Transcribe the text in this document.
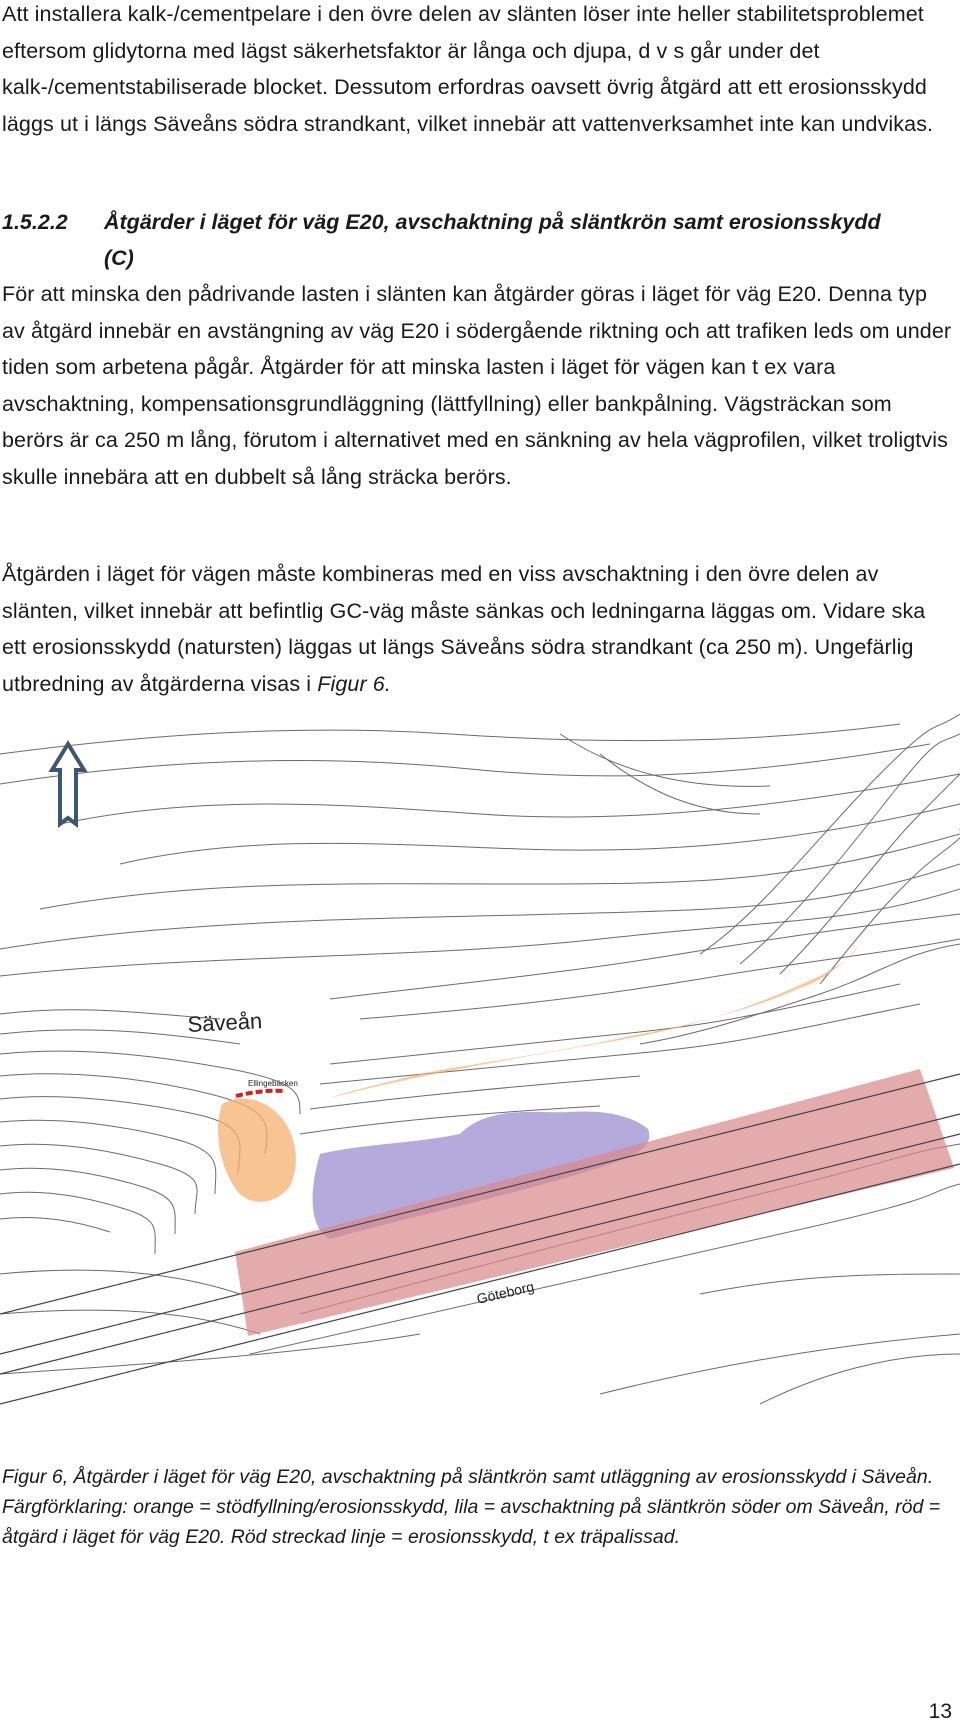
Att installera kalk-/cementpelare i den övre delen av slänten löser inte heller stabilitetsproblemet eftersom glidytorna med lägst säkerhetsfaktor är långa och djupa, d v s går under det kalk-/cementstabiliserade blocket. Dessutom erfordras oavsett övrig åtgärd att ett erosionsskydd läggs ut i längs Säveåns södra strandkant, vilket innebär att vattenverksamhet inte kan undvikas.
1.5.2.2 Åtgärder i läget för väg E20, avschaktning på släntkrön samt erosionsskydd
(C)
För att minska den pådrivande lasten i slänten kan åtgärder göras i läget för väg E20. Denna typ av åtgärd innebär en avstängning av väg E20 i södergående riktning och att trafiken leds om under tiden som arbetena pågår. Åtgärder för att minska lasten i läget för vägen kan t ex vara avschaktning, kompensationsgrundläggning (lättfyllning) eller bankpålning. Vägsträckan som berörs är ca 250 m lång, förutom i alternativet med en sänkning av hela vägprofilen, vilket troligtvis skulle innebära att en dubbelt så lång sträcka berörs.
Åtgärden i läget för vägen måste kombineras med en viss avschaktning i den övre delen av slänten, vilket innebär att befintlig GC-väg måste sänkas och ledningarna läggas om. Vidare ska ett erosionsskydd (natursten) läggas ut längs Säveåns södra strandkant (ca 250 m). Ungefärlig utbredning av åtgärderna visas i Figur 6.
Säveån
Göteborg
Ellingebäcken
Figur 6, Åtgärder i läget för väg E20, avschaktning på släntkrön samt utläggning av erosionsskydd i Säveån. Färgförklaring: orange = stödfyllning/erosionsskydd, lila = avschaktning på släntkrön söder om Säveån, röd = åtgärd i läget för väg E20. Röd streckad linje = erosionsskydd, t ex träpalissad.
13
